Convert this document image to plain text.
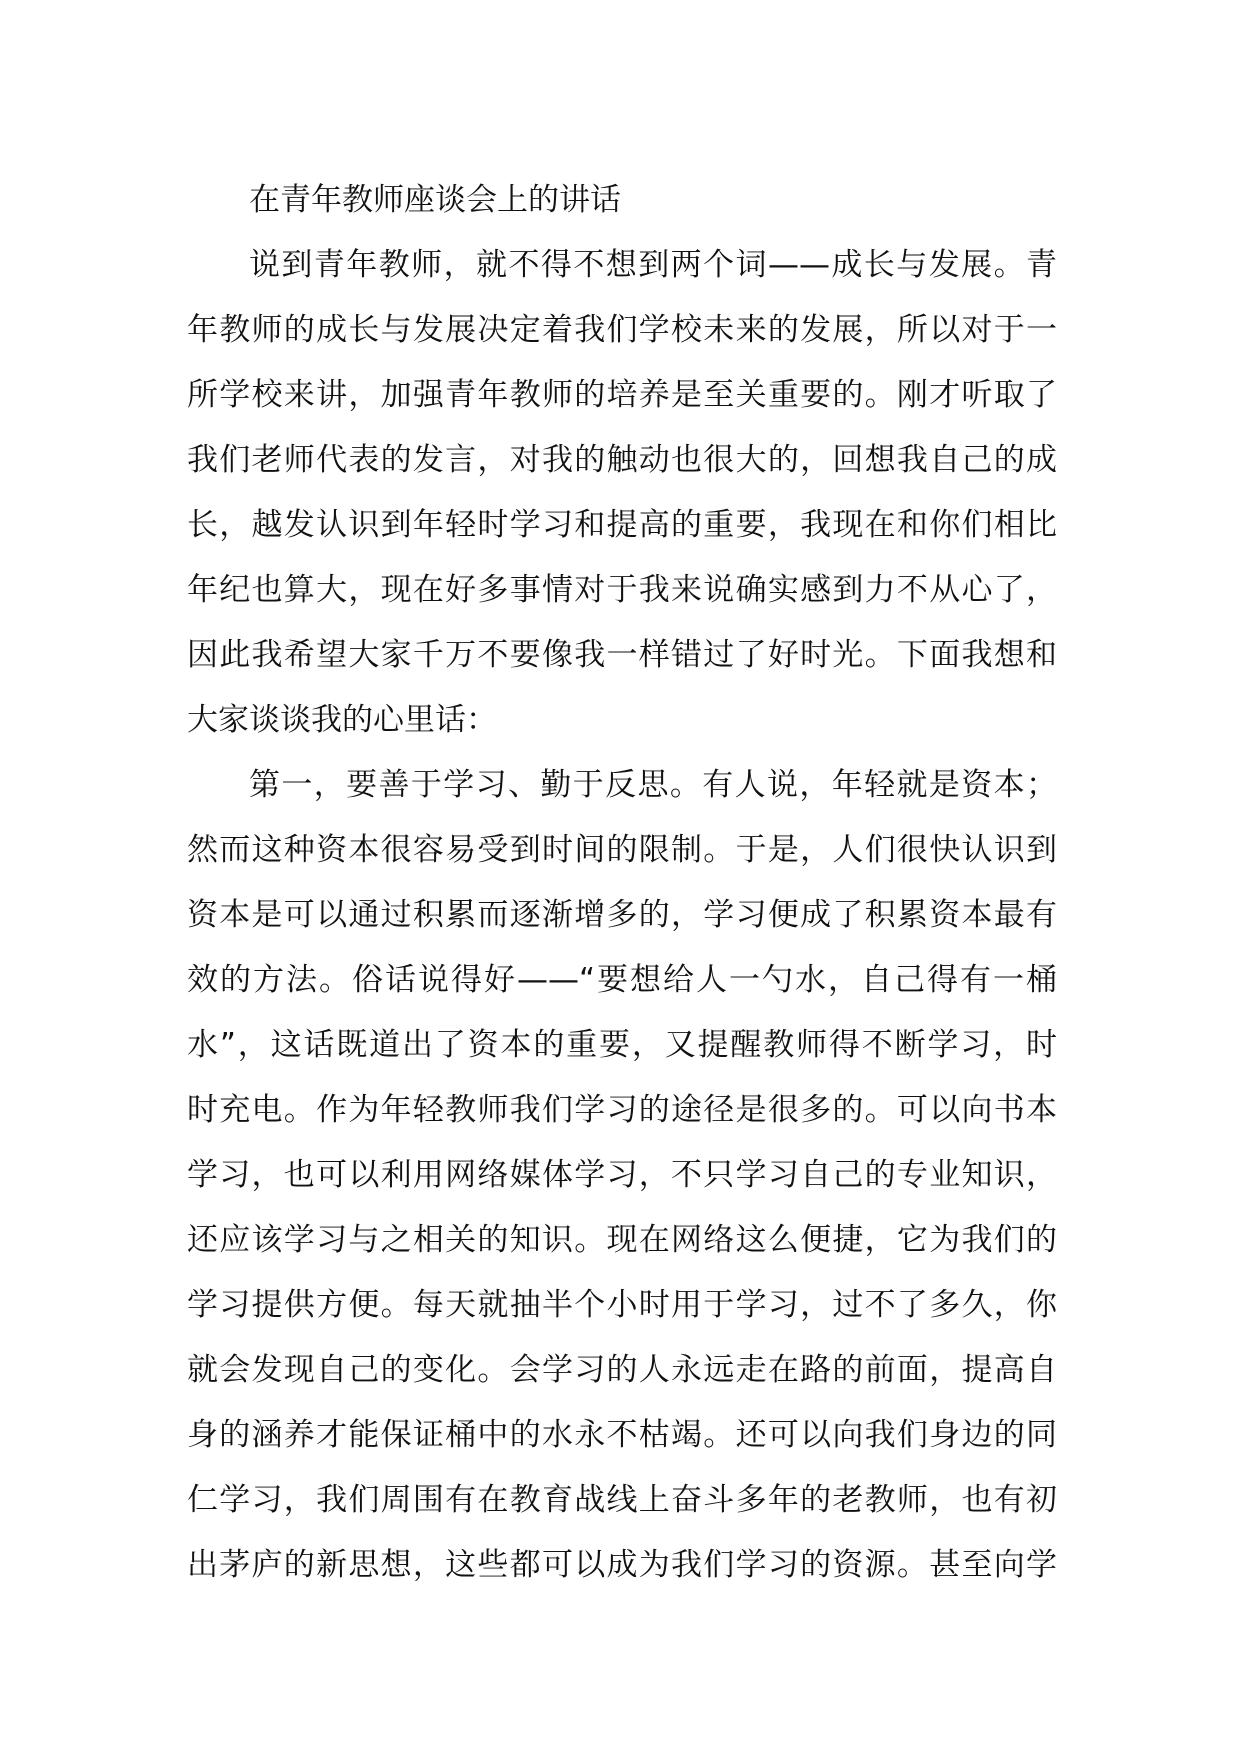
在青年教师座谈会上的讲话
说到青年教师，就不得不想到两个词——成长与发展。青
年教师的成长与发展决定着我们学校未来的发展，所以对于一
所学校来讲，加强青年教师的培养是至关重要的。刚才听取了
我们老师代表的发言，对我的触动也很大的，回想我自己的成
长，越发认识到年轻时学习和提高的重要，我现在和你们相比
年纪也算大，现在好多事情对于我来说确实感到力不从心了，
因此我希望大家千万不要像我一样错过了好时光。下面我想和
大家谈谈我的心里话：
第一，要善于学习、勤于反思。有人说，年轻就是资本；
然而这种资本很容易受到时间的限制。于是，人们很快认识到
资本是可以通过积累而逐渐增多的，学习便成了积累资本最有
效的方法。俗话说得好——“要想给人一勺水，自己得有一桶
水”，这话既道出了资本的重要，又提醒教师得不断学习，时
时充电。作为年轻教师我们学习的途径是很多的。可以向书本
学习，也可以利用网络媒体学习，不只学习自己的专业知识，
还应该学习与之相关的知识。现在网络这么便捷，它为我们的
学习提供方便。每天就抽半个小时用于学习，过不了多久，你
就会发现自己的变化。会学习的人永远走在路的前面，提高自
身的涵养才能保证桶中的水永不枯竭。还可以向我们身边的同
仁学习，我们周围有在教育战线上奋斗多年的老教师，也有初
出茅庐的新思想，这些都可以成为我们学习的资源。甚至向学
